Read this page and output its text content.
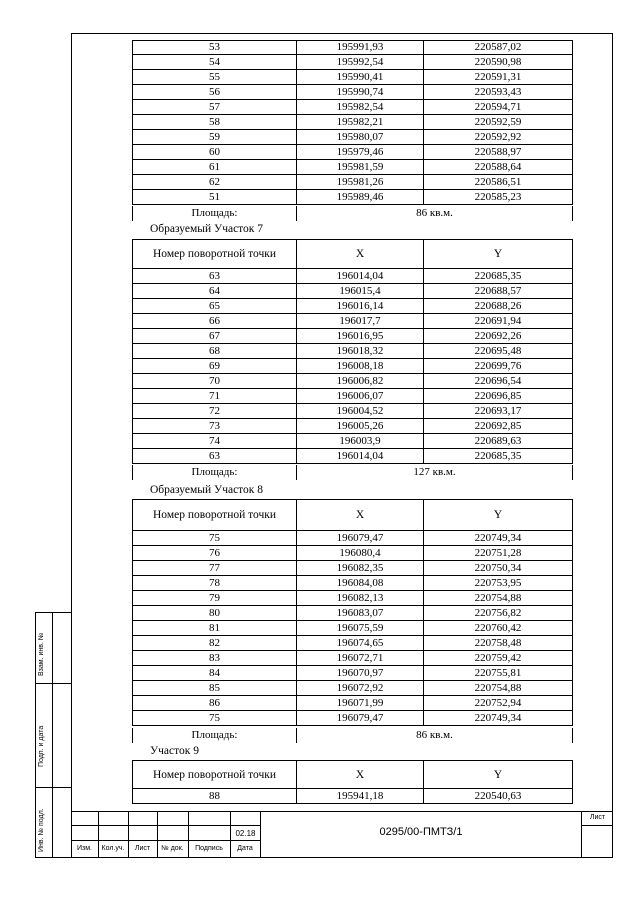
Взам. инв. №
Подп. и дата
Инв. № подл.
53	195991,93	220587,02
54	195992,54	220590,98
55	195990,41	220591,31
56	195990,74	220593,43
57	195982,54	220594,71
58	195982,21	220592,59
59	195980,07	220592,92
60	195979,46	220588,97
61	195981,59	220588,64
62	195981,26	220586,51
51	195989,46	220585,23
Площадь:	86 кв.м.
Образуемый Участок 7
Номер поворотной точки	X	Y
63	196014,04	220685,35
64	196015,4	220688,57
65	196016,14	220688,26
66	196017,7	220691,94
67	196016,95	220692,26
68	196018,32	220695,48
69	196008,18	220699,76
70	196006,82	220696,54
71	196006,07	220696,85
72	196004,52	220693,17
73	196005,26	220692,85
74	196003,9	220689,63
63	196014,04	220685,35
Площадь:	127 кв.м.
Образуемый Участок 8
Номер поворотной точки	X	Y
75	196079,47	220749,34
76	196080,4	220751,28
77	196082,35	220750,34
78	196084,08	220753,95
79	196082,13	220754,88
80	196083,07	220756,82
81	196075,59	220760,42
82	196074,65	220758,48
83	196072,71	220759,42
84	196070,97	220755,81
85	196072,92	220754,88
86	196071,99	220752,94
75	196079,47	220749,34
Площадь:	86 кв.м.
Участок 9
Номер поворотной точки	X	Y
88	195941,18	220540,63
02.18
Изм.	Кол.уч.	Лист	№ док.	Подпись	Дата
0295/00-ПМТЗ/1
Лист
